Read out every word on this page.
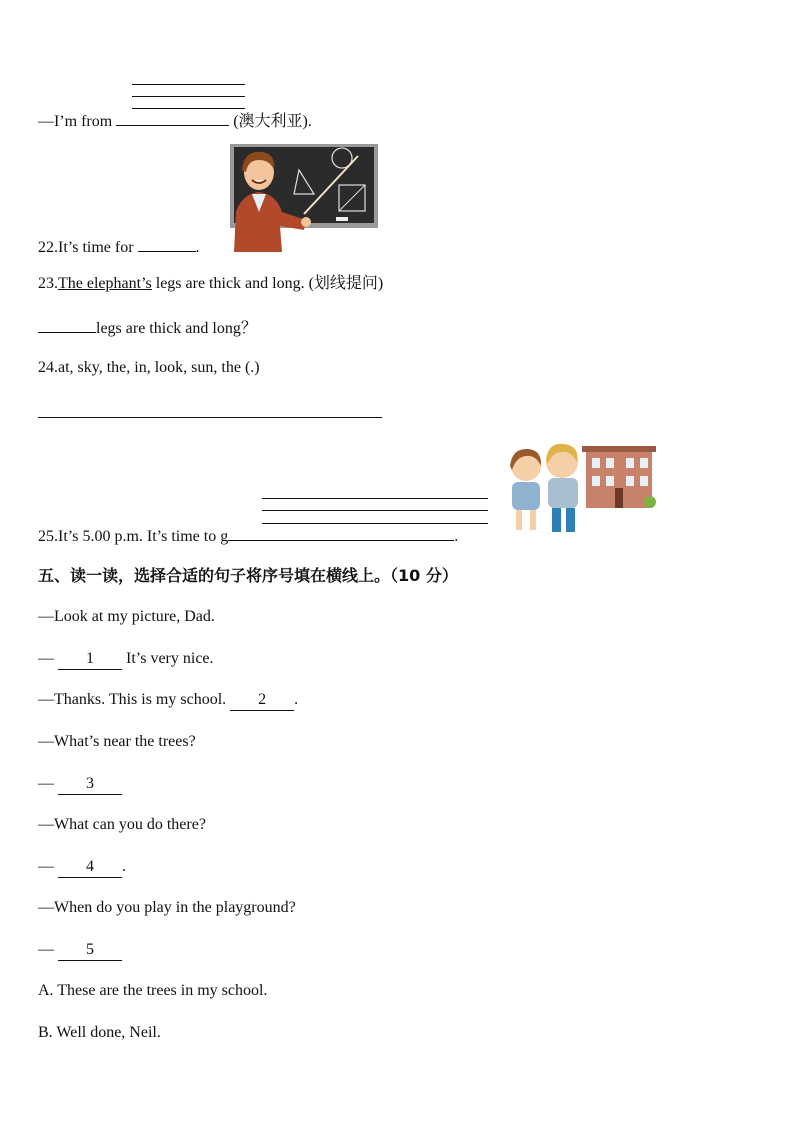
—I’m from	(澳大利亚).
22.It’s time for	.
23.The elephant’s legs are thick and long. (划线提问)
legs are thick and long？
24.at, sky, the, in, look, sun, the (.)
25.It’s 5.00 p.m. It’s time to g	.
五、读一读，选择合适的句子将序号填在横线上。（10 分）
—Look at my picture, Dad.
— 1 It’s very nice.
—Thanks. This is my school. 2 .
—What’s near the trees?
— 3
—What can you do there?
— 4 .
—When do you play in the playground?
— 5
A. These are the trees in my school.
B. Well done, Neil.
